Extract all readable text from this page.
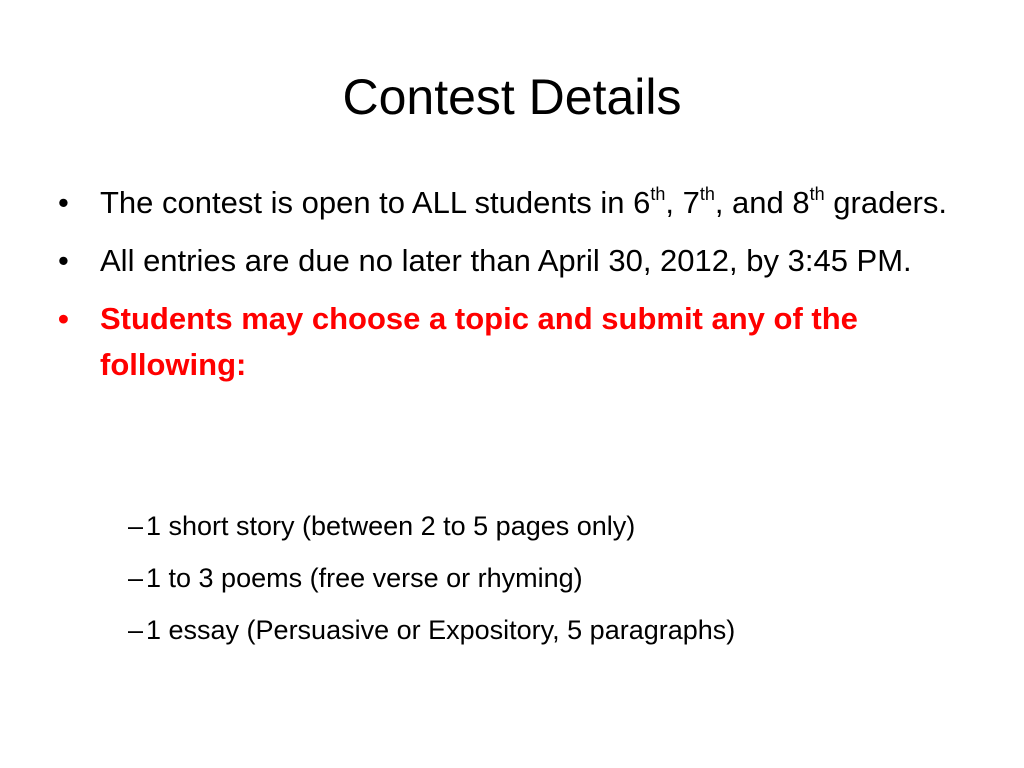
Contest Details
•	The contest is open to ALL students in 6th, 7th, and 8th graders.
•	All entries are due no later than April 30, 2012, by 3:45 PM.
•	Students may choose a topic and submit any of the following:
– 1 short story (between 2 to 5 pages only)
– 1 to 3 poems (free verse or rhyming)
– 1 essay (Persuasive or Expository, 5 paragraphs)
